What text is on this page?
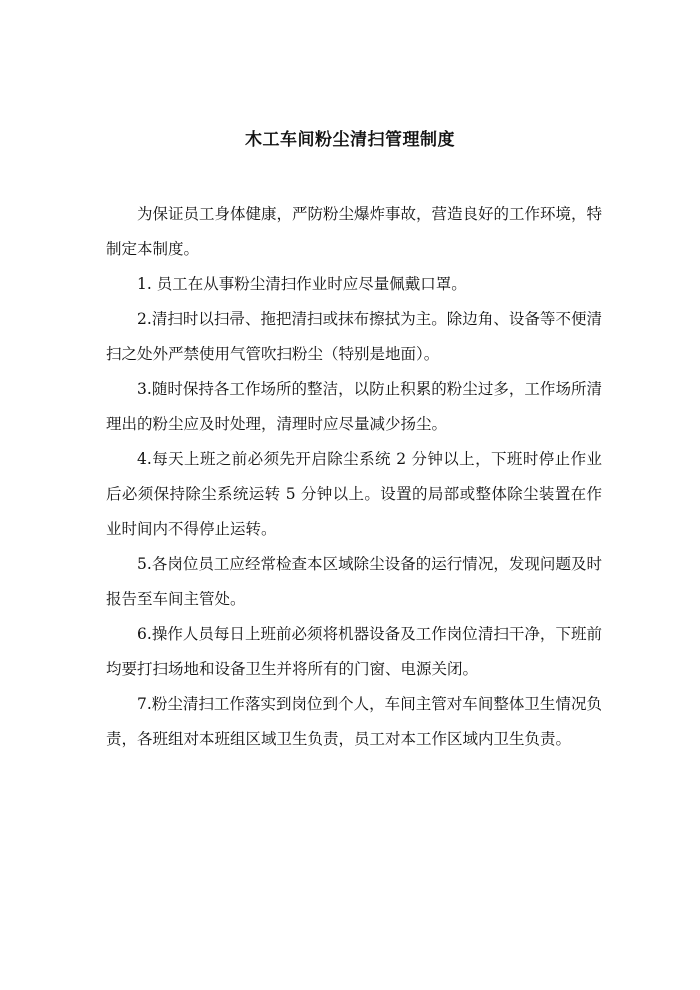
木工车间粉尘清扫管理制度

为保证员工身体健康，严防粉尘爆炸事故，营造良好的工作环境，特制定本制度。

1. 员工在从事粉尘清扫作业时应尽量佩戴口罩。

2.清扫时以扫帚、拖把清扫或抹布擦拭为主。除边角、设备等不便清扫之处外严禁使用气管吹扫粉尘（特别是地面）。

3.随时保持各工作场所的整洁，以防止积累的粉尘过多，工作场所清理出的粉尘应及时处理，清理时应尽量减少扬尘。

4.每天上班之前必须先开启除尘系统 2 分钟以上，下班时停止作业后必须保持除尘系统运转 5 分钟以上。设置的局部或整体除尘装置在作业时间内不得停止运转。

5.各岗位员工应经常检查本区域除尘设备的运行情况，发现问题及时报告至车间主管处。

6.操作人员每日上班前必须将机器设备及工作岗位清扫干净，下班前均要打扫场地和设备卫生并将所有的门窗、电源关闭。

7.粉尘清扫工作落实到岗位到个人，车间主管对车间整体卫生情况负责，各班组对本班组区域卫生负责，员工对本工作区域内卫生负责。
